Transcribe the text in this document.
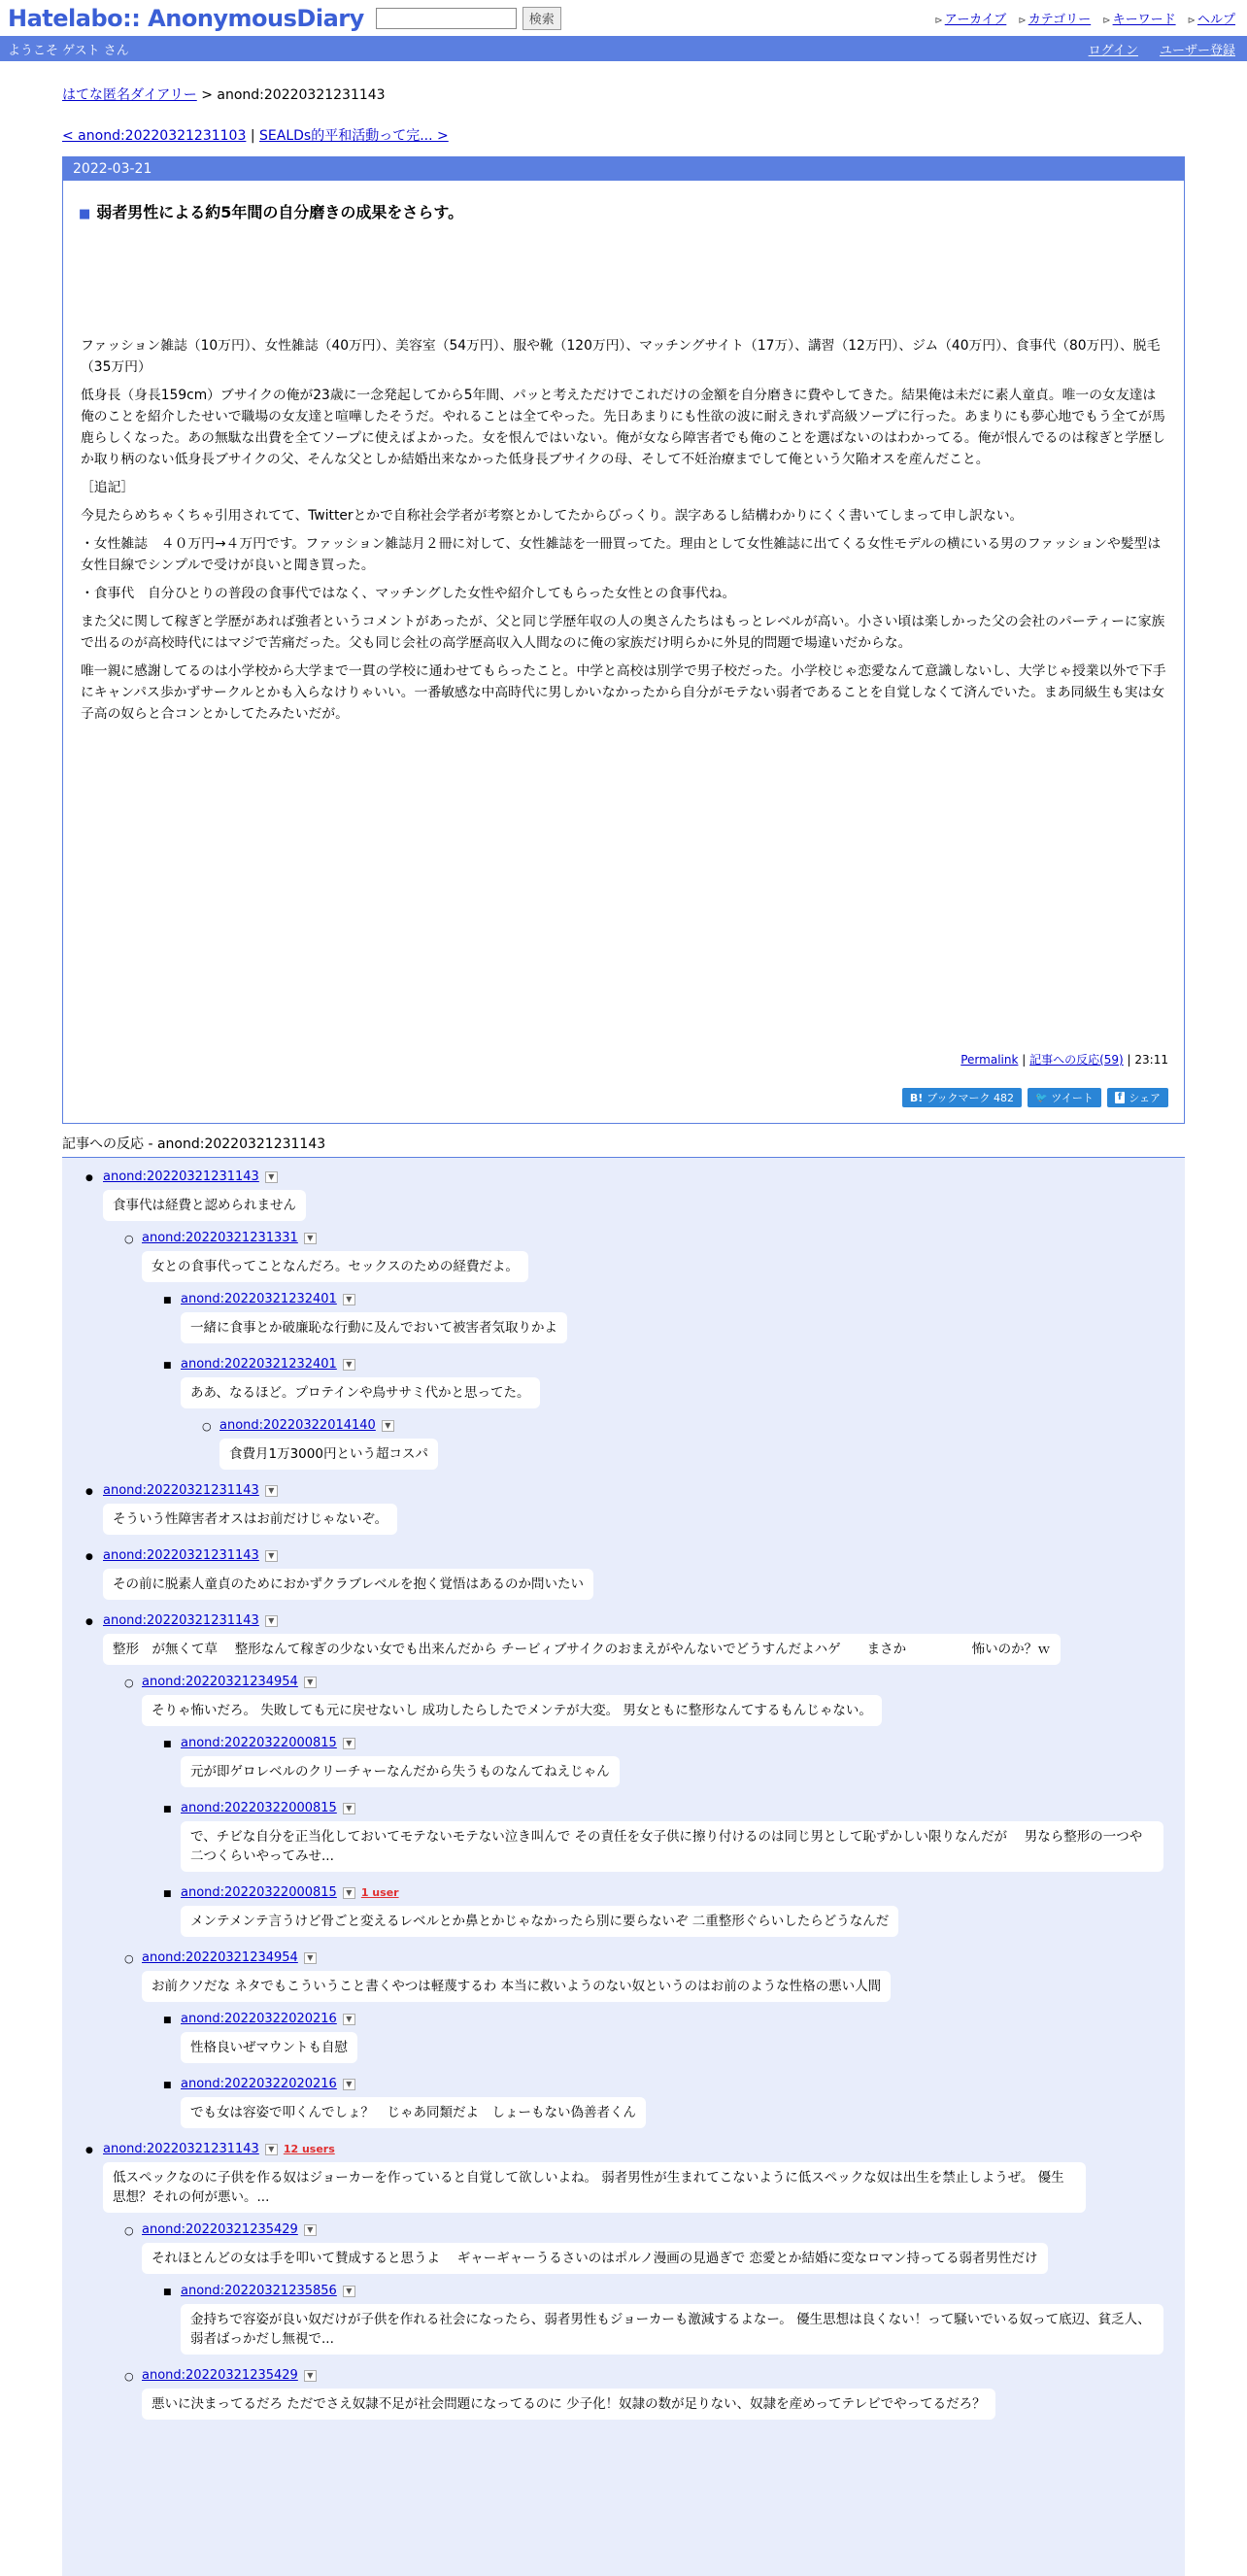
Hatelabo:: AnonymousDiary	検索	⊳ アーカイブ	⊳ カテゴリー	⊳ キーワード	⊳ ヘルプ
ようこそ ゲスト さん	ログイン ユーザー登録
はてな匿名ダイアリー > anond:20220321231143
< anond:20220321231103 | SEALDs的平和活動って完... >
2022-03-21
■ 弱者男性による約5年間の自分磨きの成果をさらす。

ファッション雑誌（10万円）、女性雑誌（40万円）、美容室（54万円）、服や靴（120万円）、マッチングサイト（17万）、講習（12万円）、ジム（40万円）、食事代（80万円）、脱毛（35万円）

低身長（身長159cm）ブサイクの俺が23歳に一念発起してから5年間、パッと考えただけでこれだけの金額を自分磨きに費やしてきた。結果俺は未だに素人童貞。唯一の女友達は俺のことを紹介したせいで職場の女友達と喧嘩したそうだ。やれることは全てやった。先日あまりにも性欲の波に耐えきれず高級ソープに行った。あまりにも夢心地でもう全てが馬鹿らしくなった。あの無駄な出費を全てソープに使えばよかった。女を恨んではいない。俺が女なら障害者でも俺のことを選ばないのはわかってる。俺が恨んでるのは稼ぎと学歴しか取り柄のない低身長ブサイクの父、そんな父としか結婚出来なかった低身長ブサイクの母、そして不妊治療までして俺という欠陥オスを産んだこと。

［追記］

今見たらめちゃくちゃ引用されてて、Twitterとかで自称社会学者が考察とかしてたからびっくり。誤字あるし結構わかりにくく書いてしまって申し訳ない。

・女性雑誌　４０万円→４万円です。ファッション雑誌月２冊に対して、女性雑誌を一冊買ってた。理由として女性雑誌に出てくる女性モデルの横にいる男のファッションや髪型は女性目線でシンプルで受けが良いと聞き買った。

・食事代　自分ひとりの普段の食事代ではなく、マッチングした女性や紹介してもらった女性との食事代ね。

また父に関して稼ぎと学歴があれば強者というコメントがあったが、父と同じ学歴年収の人の奥さんたちはもっとレベルが高い。小さい頃は楽しかった父の会社のパーティーに家族で出るのが高校時代にはマジで苦痛だった。父も同じ会社の高学歴高収入人間なのに俺の家族だけ明らかに外見的問題で場違いだからな。

唯一親に感謝してるのは小学校から大学まで一貫の学校に通わせてもらったこと。中学と高校は別学で男子校だった。小学校じゃ恋愛なんて意識しないし、大学じゃ授業以外で下手にキャンパス歩かずサークルとかも入らなけりゃいい。一番敏感な中高時代に男しかいなかったから自分がモテない弱者であることを自覚しなくて済んでいた。まあ同級生も実は女子高の奴らと合コンとかしてたみたいだが。

Permalink | 記事への反応(59) | 23:11
B! ブックマーク 482 🐦 ツイート	f シェア
記事への反応 - anond:20220321231143
● anond:20220321231143	▼
食事代は経費と認められません
○ anond:20220321231331	▼
女との食事代ってことなんだろ。セックスのための経費だよ。
■ anond:20220321232401	▼
一緒に食事とか破廉恥な行動に及んでおいて被害者気取りかよ
■ anond:20220321232401	▼
ああ、なるほど。プロテインや鳥ササミ代かと思ってた。
○ anond:20220322014140	▼
食費月1万3000円という超コスパ
● anond:20220321231143	▼
そういう性障害者オスはお前だけじゃないぞ。
● anond:20220321231143	▼
その前に脱素人童貞のためにおかずクラブレベルを抱く覚悟はあるのか問いたい
● anond:20220321231143	▼
整形　が無くて草　 整形なんて稼ぎの少ない女でも出来んだから チービィブサイクのおまえがやんないでどうすんだよハゲ　　まさか　　　　　怖いのか？ｗ
○ anond:20220321234954	▼
そりゃ怖いだろ。 失敗しても元に戻せないし 成功したらしたでメンテが大変。 男女ともに整形なんてするもんじゃない。
■ anond:20220322000815	▼
元が即ゲロレベルのクリーチャーなんだから失うものなんてねえじゃん
■ anond:20220322000815	▼
で、チビな自分を正当化しておいてモテないモテない泣き叫んで その責任を女子供に擦り付けるのは同じ男として恥ずかしい限りなんだが　 男なら整形の一つや二つくらいやってみせ...
■ anond:20220322000815	▼ 1 user
メンテメンテ言うけど骨ごと変えるレベルとか鼻とかじゃなかったら別に要らないぞ 二重整形ぐらいしたらどうなんだ
○ anond:20220321234954	▼
お前クソだな ネタでもこういうこと書くやつは軽蔑するわ 本当に救いようのない奴というのはお前のような性格の悪い人間
■ anond:20220322020216	▼
性格良いぜマウントも自慰
■ anond:20220322020216	▼
でも女は容姿で叩くんでしょ？　じゃあ同類だよ　しょーもない偽善者くん
● anond:20220321231143	▼ 12 users
低スペックなのに子供を作る奴はジョーカーを作っていると自覚して欲しいよね。 弱者男性が生まれてこないように低スペックな奴は出生を禁止しようぜ。 優生思想？それの何が悪い。...
○ anond:20220321235429	▼
それほとんどの女は手を叩いて賛成すると思うよ　 ギャーギャーうるさいのはポルノ漫画の見過ぎで 恋愛とか結婚に変なロマン持ってる弱者男性だけ
■ anond:20220321235856	▼
金持ちで容姿が良い奴だけが子供を作れる社会になったら、弱者男性もジョーカーも激減するよなー。 優生思想は良くない！って騒いでいる奴って底辺、貧乏人、弱者ばっかだし無視で...
○ anond:20220321235429	▼
悪いに決まってるだろ ただでさえ奴隷不足が社会問題になってるのに 少子化！奴隷の数が足りない、奴隷を産めってテレビでやってるだろ？
